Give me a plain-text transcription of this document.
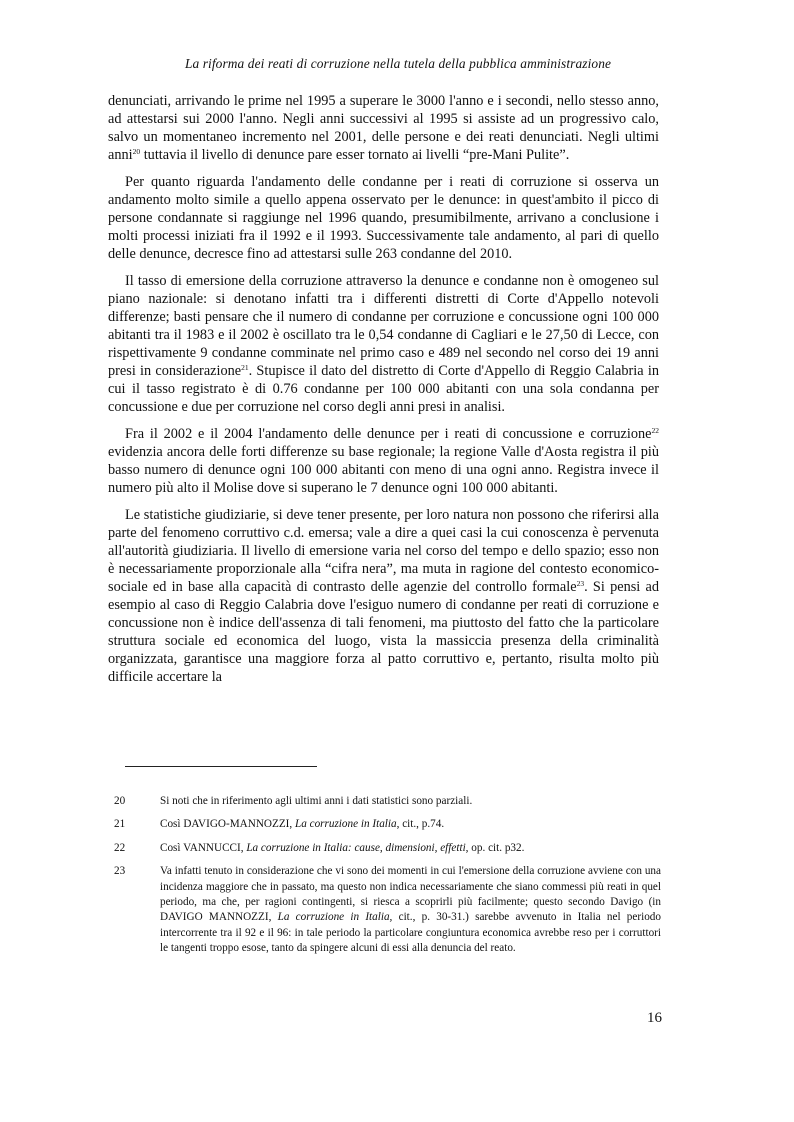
La riforma dei reati di corruzione nella tutela della pubblica amministrazione

denunciati, arrivando le prime nel 1995 a superare le 3000 l'anno e i secondi, nello stesso anno, ad attestarsi sui 2000 l'anno. Negli anni successivi al 1995 si assiste ad un progressivo calo, salvo un momentaneo incremento nel 2001, delle persone e dei reati denunciati. Negli ultimi anni$^{20}$ tuttavia il livello di denunce pare esser tornato ai livelli “pre-Mani Pulite”.

Per quanto riguarda l'andamento delle condanne per i reati di corruzione si osserva un andamento molto simile a quello appena osservato per le denunce: in quest'ambito il picco di persone condannate si raggiunge nel 1996 quando, presumibilmente, arrivano a conclusione i molti processi iniziati fra il 1992 e il 1993. Successivamente tale andamento, al pari di quello delle denunce, decresce fino ad attestarsi sulle 263 condanne del 2010.

Il tasso di emersione della corruzione attraverso la denunce e condanne non è omogeneo sul piano nazionale: si denotano infatti tra i differenti distretti di Corte d'Appello notevoli differenze; basti pensare che il numero di condanne per corruzione e concussione ogni 100 000 abitanti tra il 1983 e il 2002 è oscillato tra le 0,54 condanne di Cagliari e le 27,50 di Lecce, con rispettivamente 9 condanne comminate nel primo caso e 489 nel secondo nel corso dei 19 anni presi in considerazione$^{21}$. Stupisce il dato del distretto di Corte d'Appello di Reggio Calabria in cui il tasso registrato è di 0.76 condanne per 100 000 abitanti con una sola condanna per concussione e due per corruzione nel corso degli anni presi in analisi.

Fra il 2002 e il 2004 l'andamento delle denunce per i reati di concussione e corruzione$^{22}$ evidenzia ancora delle forti differenze su base regionale; la regione Valle d'Aosta registra il più basso numero di denunce ogni 100 000 abitanti con meno di una ogni anno. Registra invece il numero più alto il Molise dove si superano le 7 denunce ogni 100 000 abitanti.

Le statistiche giudiziarie, si deve tener presente, per loro natura non possono che riferirsi alla parte del fenomeno corruttivo c.d. emersa; vale a dire a quei casi la cui conoscenza è pervenuta all'autorità giudiziaria. Il livello di emersione varia nel corso del tempo e dello spazio; esso non è necessariamente proporzionale alla “cifra nera”, ma muta in ragione del contesto economico-sociale ed in base alla capacità di contrasto delle agenzie del controllo formale$^{23}$. Si pensi ad esempio al caso di Reggio Calabria dove l'esiguo numero di condanne per reati di corruzione e concussione non è indice dell'assenza di tali fenomeni, ma piuttosto del fatto che la particolare struttura sociale ed economica del luogo, vista la massiccia presenza della criminalità organizzata, garantisce una maggiore forza al patto corruttivo e, pertanto, risulta molto più difficile accertare la

20	Si noti che in riferimento agli ultimi anni i dati statistici sono parziali.
21	Così DAVIGO-MANNOZZI, La corruzione in Italia, cit., p.74.
22	Così VANNUCCI, La corruzione in Italia: cause, dimensioni, effetti, op. cit. p32.
23	Va infatti tenuto in considerazione che vi sono dei momenti in cui l'emersione della corruzione avviene con una incidenza maggiore che in passato, ma questo non indica necessariamente che siano commessi più reati in quel periodo, ma che, per ragioni contingenti, si riesca a scoprirli più facilmente; questo secondo Davigo (in DAVIGO MANNOZZI, La corruzione in Italia, cit., p. 30-31.) sarebbe avvenuto in Italia nel periodo intercorrente tra il 92 e il 96: in tale periodo la particolare congiuntura economica avrebbe reso per i corruttori le tangenti troppo esose, tanto da spingere alcuni di essi alla denuncia del reato.
16
